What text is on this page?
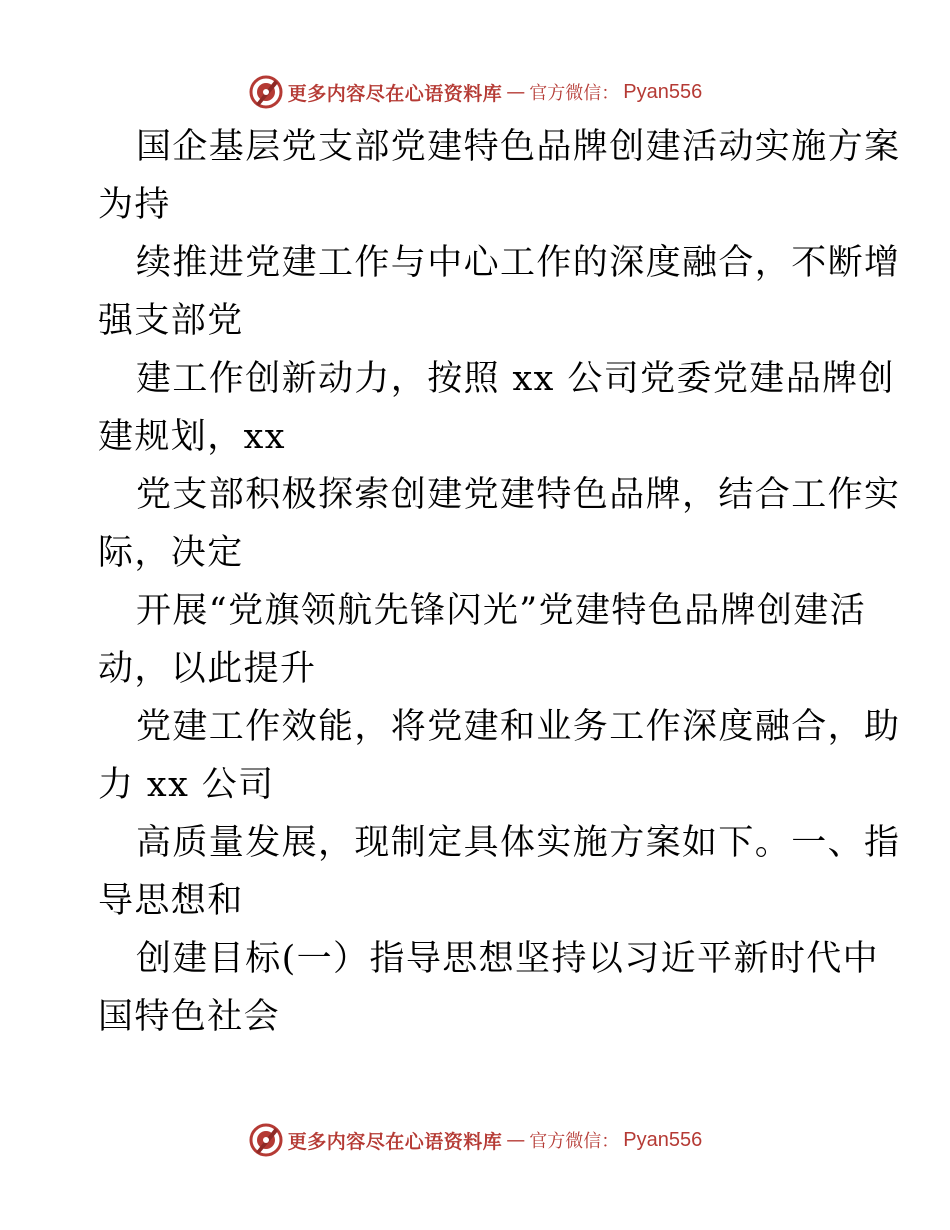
更多内容尽在心语资料库 — 官方微信： Pyan556
国企基层党支部党建特色品牌创建活动实施方案
为持
续推进党建工作与中心工作的深度融合，不断增
强支部党
建工作创新动力，按照 xx 公司党委党建品牌创
建规划，xx
党支部积极探索创建党建特色品牌，结合工作实
际，决定
开展“党旗领航先锋闪光”党建特色品牌创建活
动，以此提升
党建工作效能，将党建和业务工作深度融合，助
力 xx 公司
高质量发展，现制定具体实施方案如下。一、指
导思想和
创建目标(一）指导思想坚持以习近平新时代中
国特色社会
更多内容尽在心语资料库 — 官方微信： Pyan556
